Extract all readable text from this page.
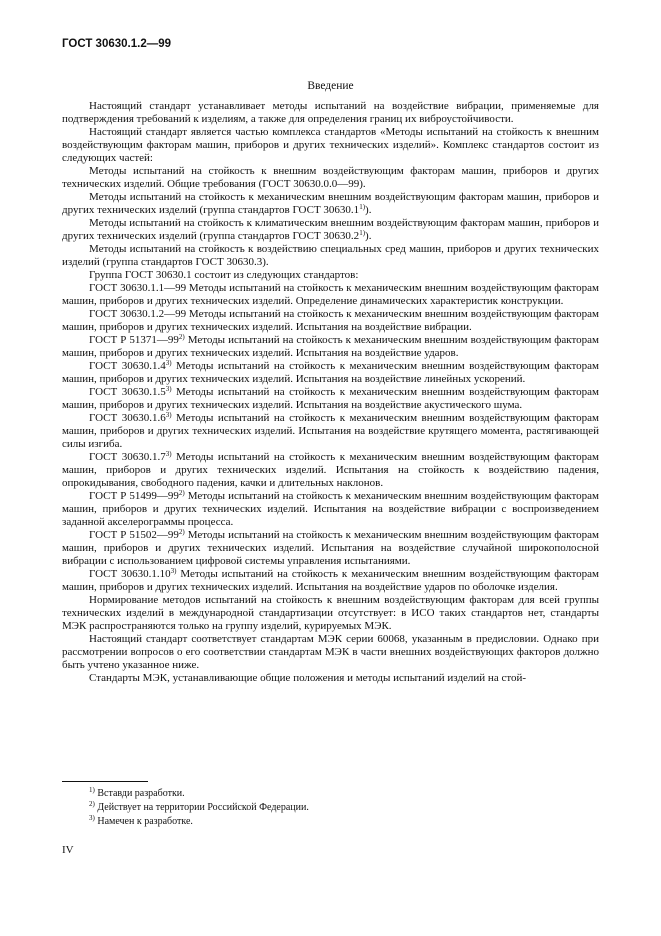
ГОСТ 30630.1.2—99
Введение

Настоящий стандарт устанавливает методы испытаний на воздействие вибрации, применяемые для подтверждения требований к изделиям, а также для определения границ их виброустойчивости.

Настоящий стандарт является частью комплекса стандартов «Методы испытаний на стойкость к внешним воздействующим факторам машин, приборов и других технических изделий». Комплекс стандартов состоит из следующих частей:

Методы испытаний на стойкость к внешним воздействующим факторам машин, приборов и других технических изделий. Общие требования (ГОСТ 30630.0.0—99).

Методы испытаний на стойкость к механическим внешним воздействующим факторам машин, приборов и других технических изделий (группа стандартов ГОСТ 30630.1$^{1)}$).

Методы испытаний на стойкость к климатическим внешним воздействующим факторам машин, приборов и других технических изделий (группа стандартов ГОСТ 30630.2$^{1)}$).

Методы испытаний на стойкость к воздействию специальных сред машин, приборов и других технических изделий (группа стандартов ГОСТ 30630.3).

Группа ГОСТ 30630.1 состоит из следующих стандартов:

ГОСТ 30630.1.1—99 Методы испытаний на стойкость к механическим внешним воздействующим факторам машин, приборов и других технических изделий. Определение динамических характеристик конструкции.

ГОСТ 30630.1.2—99 Методы испытаний на стойкость к механическим внешним воздействующим факторам машин, приборов и других технических изделий. Испытания на воздействие вибрации.

ГОСТ Р 51371—99$^{2)}$ Методы испытаний на стойкость к механическим внешним воздействующим факторам машин, приборов и других технических изделий. Испытания на воздействие ударов.

ГОСТ 30630.1.4$^{3)}$ Методы испытаний на стойкость к механическим внешним воздействующим факторам машин, приборов и других технических изделий. Испытания на воздействие линейных ускорений.

ГОСТ 30630.1.5$^{3)}$ Методы испытаний на стойкость к механическим внешним воздействующим факторам машин, приборов и других технических изделий. Испытания на воздействие акустического шума.

ГОСТ 30630.1.6$^{3)}$ Методы испытаний на стойкость к механическим внешним воздействующим факторам машин, приборов и других технических изделий. Испытания на воздействие крутящего момента, растягивающей силы изгиба.

ГОСТ 30630.1.7$^{3)}$ Методы испытаний на стойкость к механическим внешним воздействующим факторам машин, приборов и других технических изделий. Испытания на стойкость к воздействию падения, опрокидывания, свободного падения, качки и длительных наклонов.

ГОСТ Р 51499—99$^{2)}$ Методы испытаний на стойкость к механическим внешним воздействующим факторам машин, приборов и других технических изделий. Испытания на воздействие вибрации с воспроизведением заданной акселерограммы процесса.

ГОСТ Р 51502—99$^{2)}$ Методы испытаний на стойкость к механическим внешним воздействующим факторам машин, приборов и других технических изделий. Испытания на воздействие случайной широкополосной вибрации с использованием цифровой системы управления испытаниями.

ГОСТ 30630.1.10$^{3)}$ Методы испытаний на стойкость к механическим внешним воздействующим факторам машин, приборов и других технических изделий. Испытания на воздействие ударов по оболочке изделия.

Нормирование методов испытаний на стойкость к внешним воздействующим факторам для всей группы технических изделий в международной стандартизации отсутствует: в ИСО таких стандартов нет, стандарты МЭК распространяются только на группу изделий, курируемых МЭК.

Настоящий стандарт соответствует стандартам МЭК серии 60068, указанным в предисловии. Однако при рассмотрении вопросов о его соответствии стандартам МЭК в части внешних воздействующих факторов должно быть учтено указанное ниже.

Стандарты МЭК, устанавливающие общие положения и методы испытаний изделий на стой-

$^{1)}$ Вставди разработки.
$^{2)}$ Действует на территории Российской Федерации.
$^{3)}$ Намечен к разработке.
IV
